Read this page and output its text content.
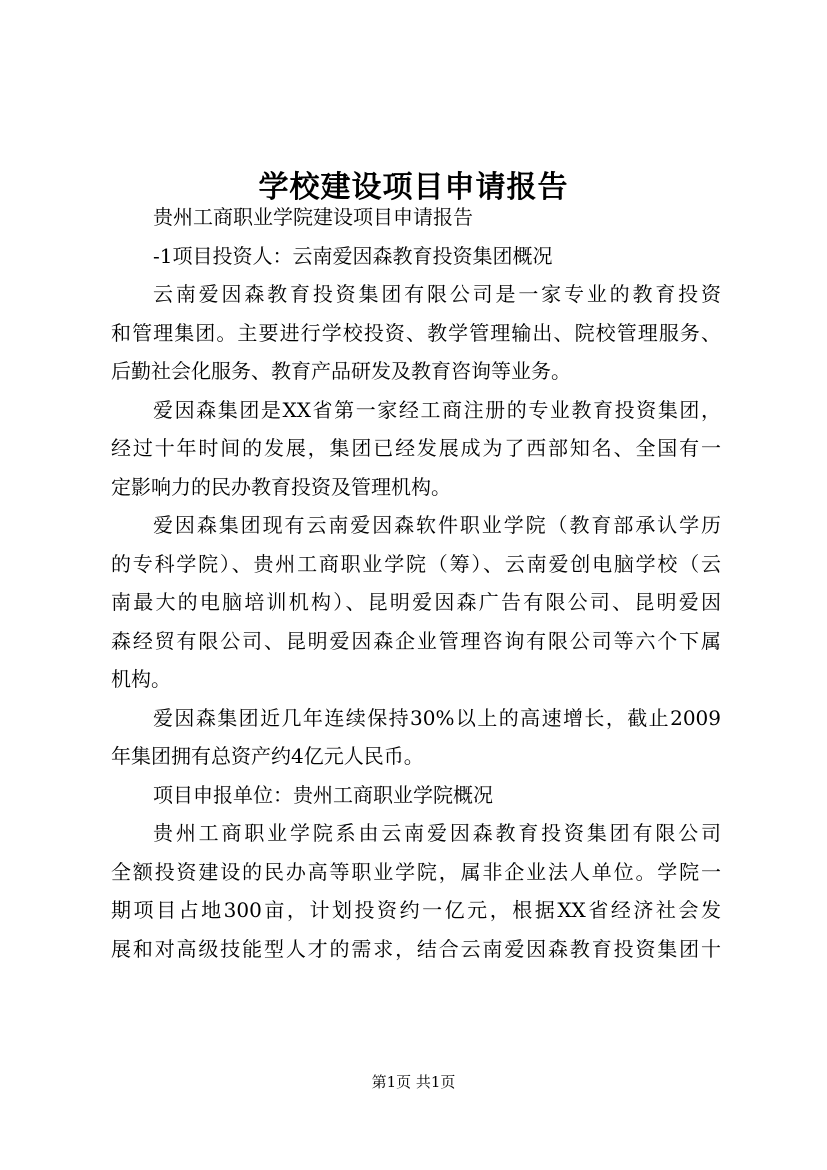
学校建设项目申请报告
贵州工商职业学院建设项目申请报告
-1项目投资人：云南爱因森教育投资集团概况
云南爱因森教育投资集团有限公司是一家专业的教育投资
和管理集团。主要进行学校投资、教学管理输出、院校管理服务、
后勤社会化服务、教育产品研发及教育咨询等业务。
爱因森集团是XX省第一家经工商注册的专业教育投资集团，
经过十年时间的发展，集团已经发展成为了西部知名、全国有一
定影响力的民办教育投资及管理机构。
爱因森集团现有云南爱因森软件职业学院（教育部承认学历
的专科学院）、贵州工商职业学院（筹）、云南爱创电脑学校（云
南最大的电脑培训机构）、昆明爱因森广告有限公司、昆明爱因
森经贸有限公司、昆明爱因森企业管理咨询有限公司等六个下属
机构。
爱因森集团近几年连续保持30%以上的高速增长，截止2009
年集团拥有总资产约4亿元人民币。
项目申报单位：贵州工商职业学院概况
贵州工商职业学院系由云南爱因森教育投资集团有限公司
全额投资建设的民办高等职业学院，属非企业法人单位。学院一
期项目占地300亩，计划投资约一亿元，根据XX省经济社会发
展和对高级技能型人才的需求，结合云南爱因森教育投资集团十
第1页 共1页
